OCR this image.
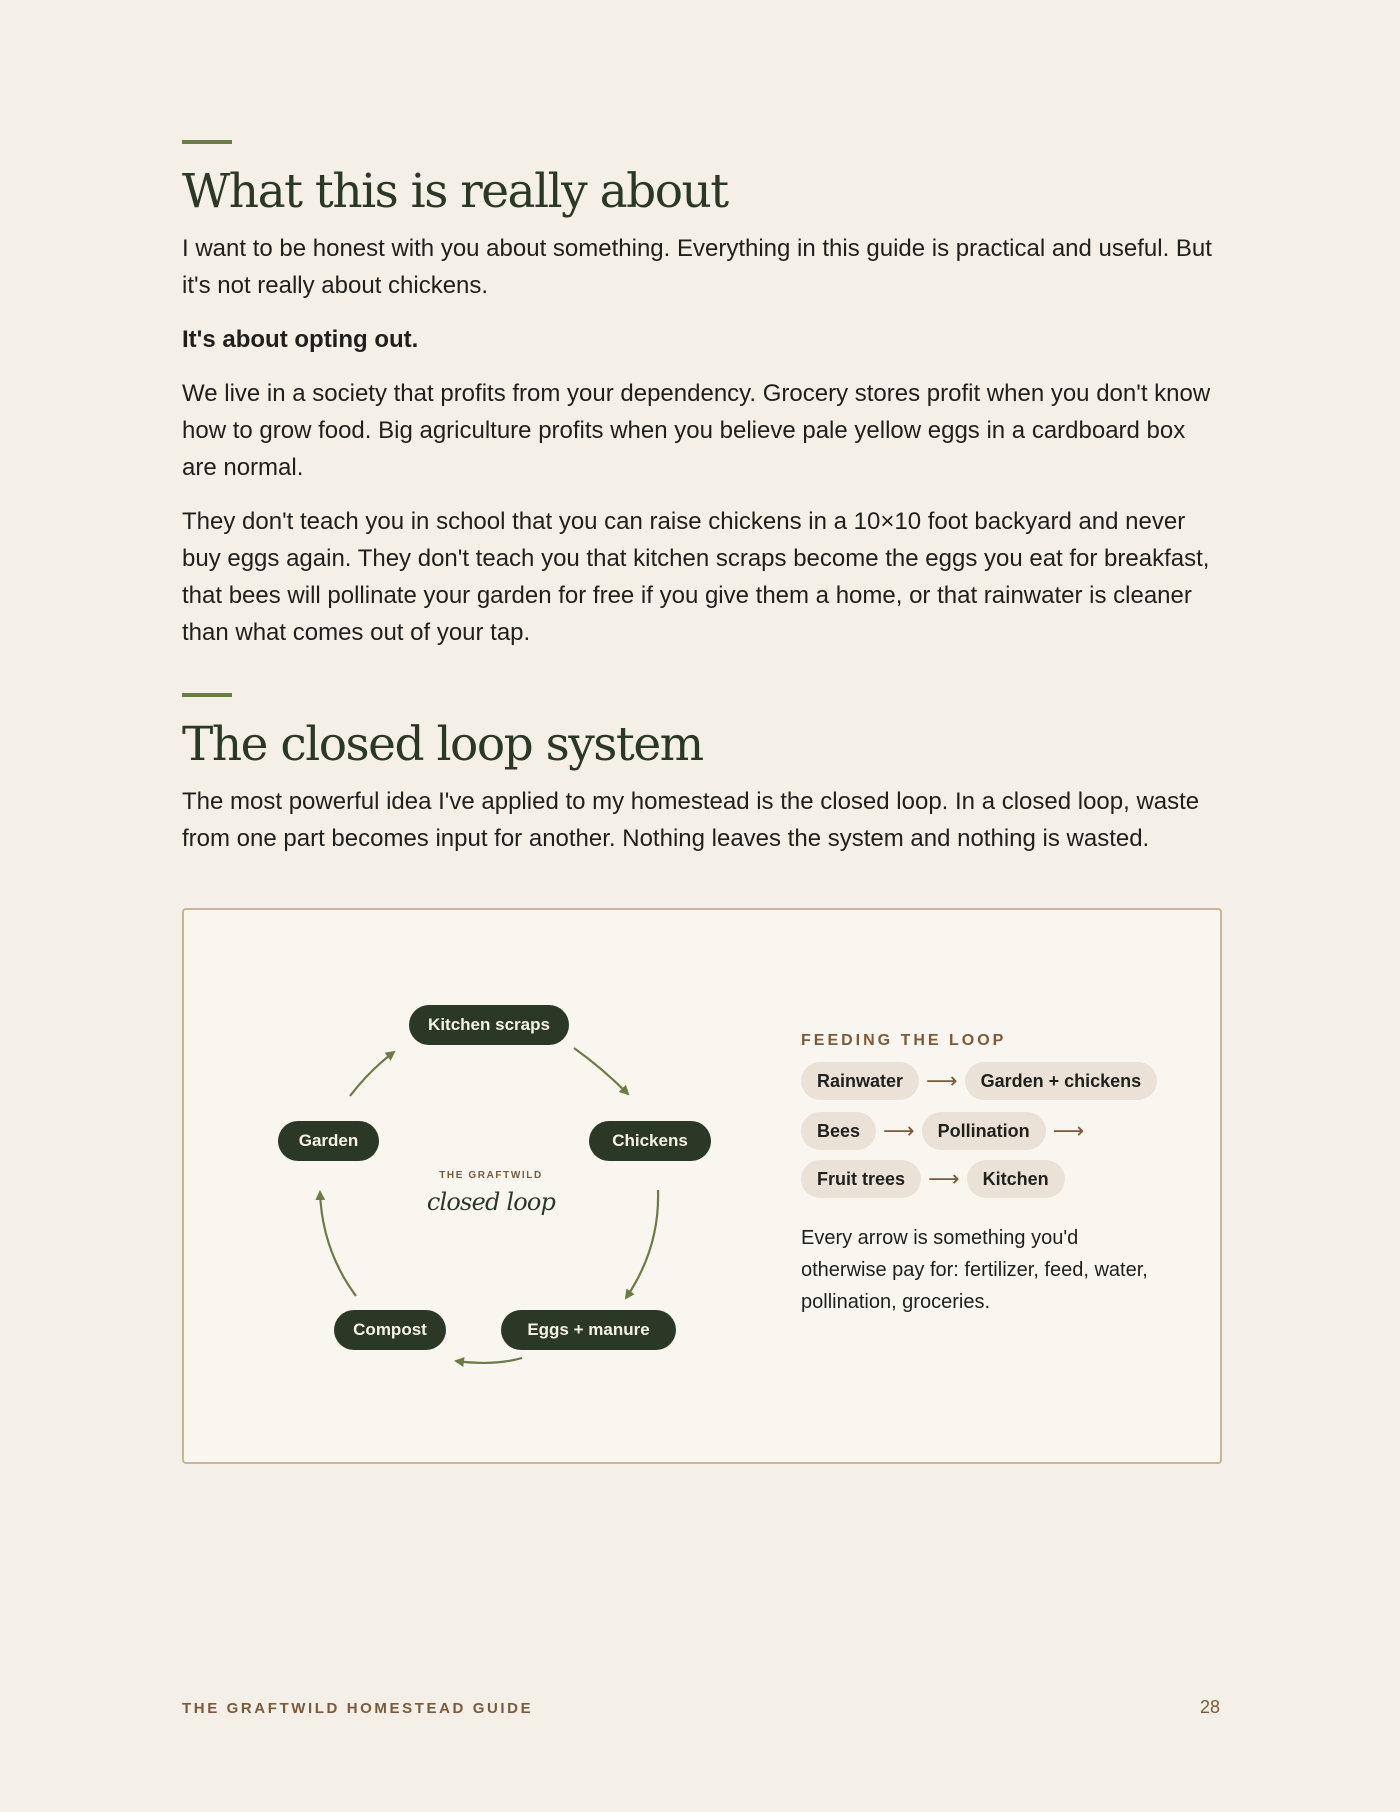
What this is really about

I want to be honest with you about something. Everything in this guide is practical and useful. But it's not really about chickens.

It's about opting out.

We live in a society that profits from your dependency. Grocery stores profit when you don't know how to grow food. Big agriculture profits when you believe pale yellow eggs in a cardboard box are normal.

They don't teach you in school that you can raise chickens in a 10×10 foot backyard and never buy eggs again. They don't teach you that kitchen scraps become the eggs you eat for breakfast, that bees will pollinate your garden for free if you give them a home, or that rainwater is cleaner than what comes out of your tap.

The closed loop system

The most powerful idea I've applied to my homestead is the closed loop. In a closed loop, waste from one part becomes input for another. Nothing leaves the system and nothing is wasted.

Kitchen scraps
Chickens
Eggs + manure
Compost
Garden
THE GRAFTWILD
closed loop
FEEDING THE LOOP
Rainwater	⟶	Garden + chickens
Bees	⟶	Pollination	⟶
Fruit trees	⟶	Kitchen
Every arrow is something you'd otherwise pay for: fertilizer, feed, water, pollination, groceries.
THE GRAFTWILD HOMESTEAD GUIDE	28
